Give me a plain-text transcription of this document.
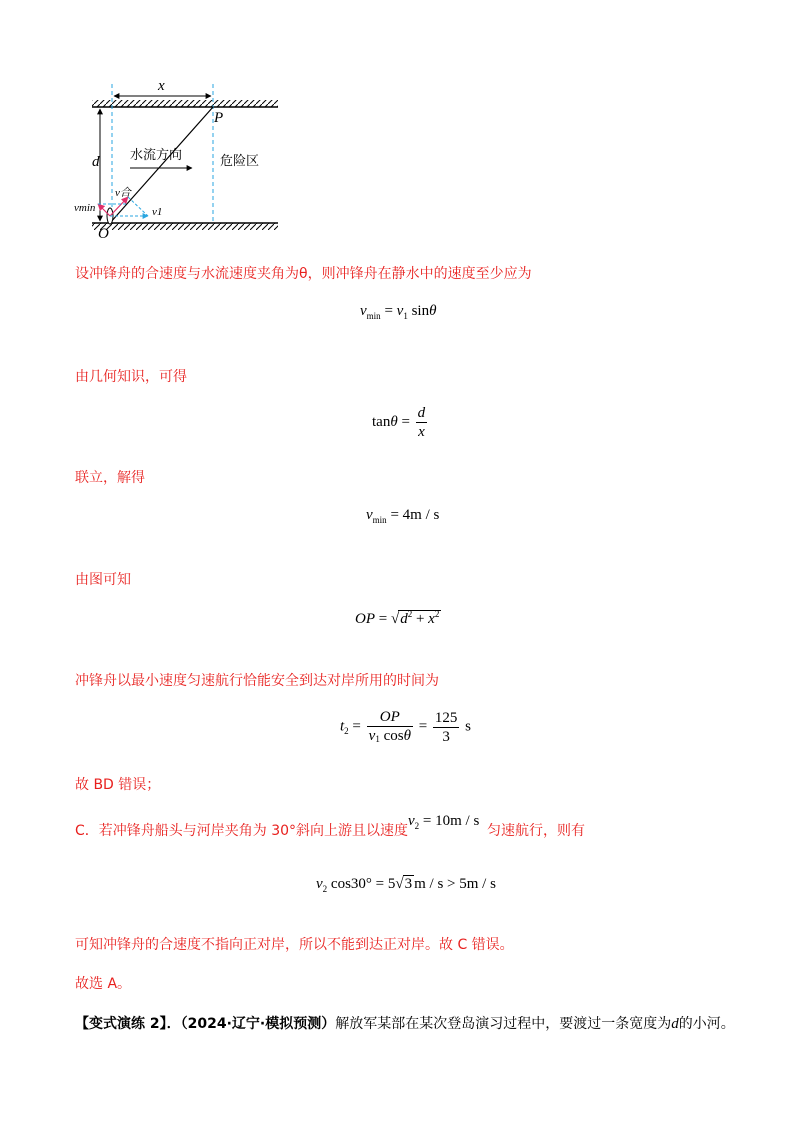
x
P
d
O
水流方向	危险区
v合
vmin	v1
设冲锋舟的合速度与水流速度夹角为θ，则冲锋舟在静水中的速度至少应为
$v_{min} = v_1$ sinθ
由几何知识，可得
$\tan\theta = \frac{d}{x}$
联立，解得
$v_{min} = 4m / s$
由图可知
OP = $√d^2 + x^2$
冲锋舟以最小速度匀速航行恰能安全到达对岸所用的时间为
$t_2 = \frac{OP}{v1 \cos\theta} = \frac{125}{3}$ s
故 BD 错误；
C．若冲锋舟船头与河岸夹角为 30°斜向上游且以速度
$v_2 = 10m / s$
匀速航行，则有
$v_2$ cos30° = 5√3 m / s > 5m / s
可知冲锋舟的合速度不指向正对岸，所以不能到达正对岸。故 C 错误。
故选 A。
【变式演练 2】．（2024·辽宁·模拟预测）解放军某部在某次登岛演习过程中，要渡过一条宽度为d的小河。
